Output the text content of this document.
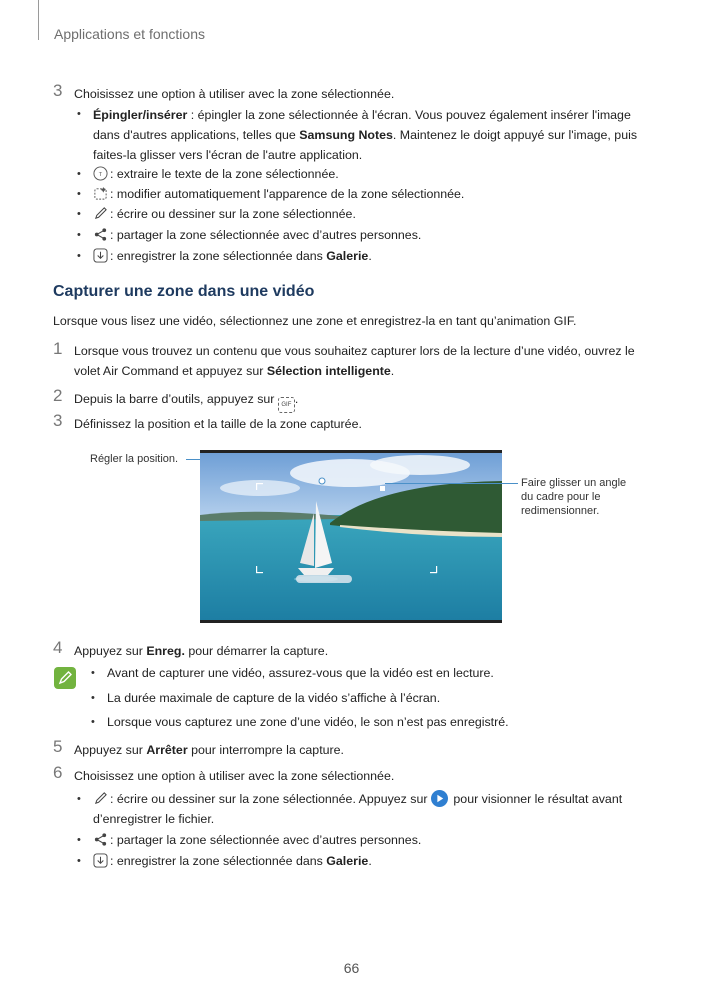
Applications et fonctions
3 Choisissez une option à utiliser avec la zone sélectionnée.
• Épingler/insérer : épingler la zone sélectionnée à l'écran. Vous pouvez également insérer l'image
dans d'autres applications, telles que Samsung Notes. Maintenez le doigt appuyé sur l'image, puis
faites-la glisser vers l'écran de l'autre application.
•	T : extraire le texte de la zone sélectionnée.
•	: modifier automatiquement l'apparence de la zone sélectionnée.
•	: écrire ou dessiner sur la zone sélectionnée.
•	: partager la zone sélectionnée avec d’autres personnes.
•	: enregistrer la zone sélectionnée dans Galerie.
Capturer une zone dans une vidéo
Lorsque vous lisez une vidéo, sélectionnez une zone et enregistrez-la en tant qu’animation GIF.
1 Lorsque vous trouvez un contenu que vous souhaitez capturer lors de la lecture d’une vidéo, ouvrez le
volet Air Command et appuyez sur Sélection intelligente.
2 Depuis la barre d’outils, appuyez sur GIF .
3 Définissez la position et la taille de la zone capturée.
Régler la position.
Faire glisser un angle
du cadre pour le
redimensionner.
4 Appuyez sur Enreg. pour démarrer la capture.
• Avant de capturer une vidéo, assurez-vous que la vidéo est en lecture.
• La durée maximale de capture de la vidéo s’affiche à l’écran.
• Lorsque vous capturez une zone d’une vidéo, le son n’est pas enregistré.
5 Appuyez sur Arrêter pour interrompre la capture.
6 Choisissez une option à utiliser avec la zone sélectionnée.
•	: écrire ou dessiner sur la zone sélectionnée. Appuyez sur
pour visionner le résultat avant
d’enregistrer le fichier.
•	: partager la zone sélectionnée avec d’autres personnes.
•	: enregistrer la zone sélectionnée dans Galerie.
66
